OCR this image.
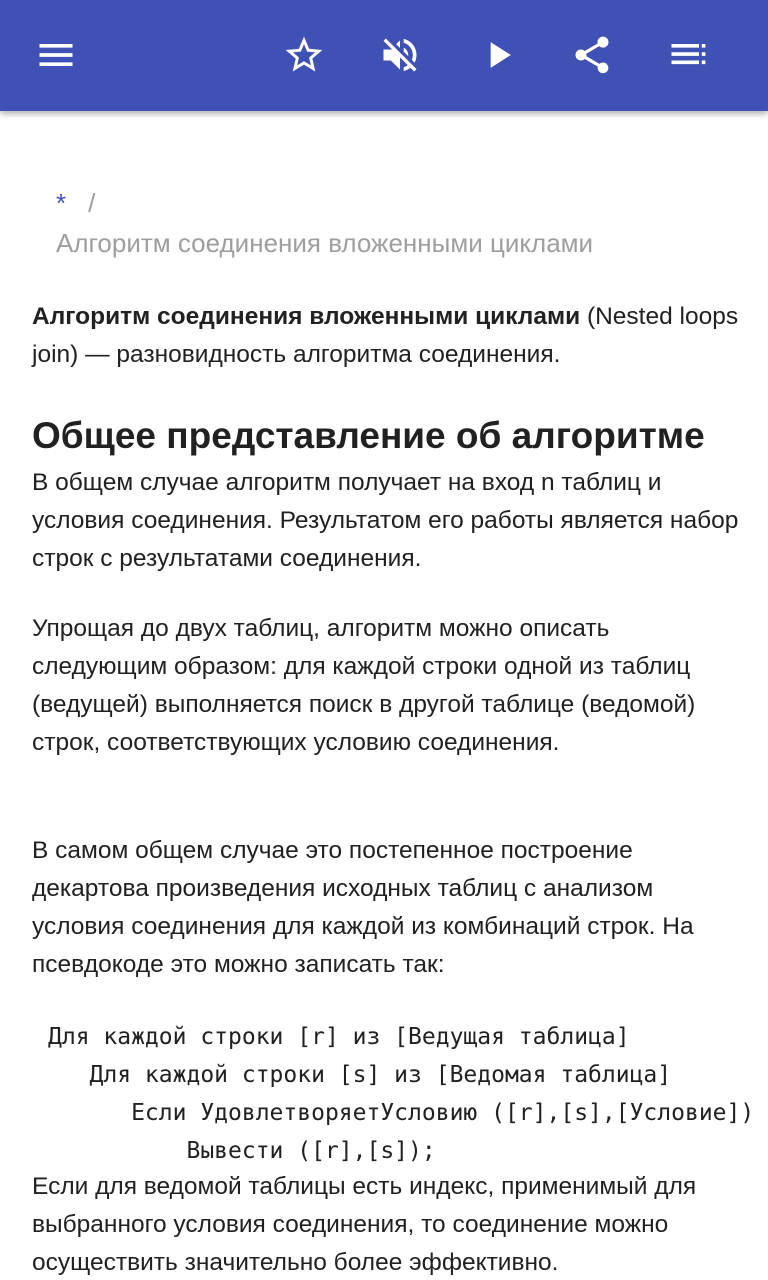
* /
Алгоритм соединения вложенными циклами

Алгоритм соединения вложенными циклами (Nested loops join) — разновидность алгоритма соединения.

Общее представление об алгоритме

В общем случае алгоритм получает на вход n таблиц и условия соединения. Результатом его работы является набор строк с результатами соединения.

Упрощая до двух таблиц, алгоритм можно описать следующим образом: для каждой строки одной из таблиц (ведущей) выполняется поиск в другой таблице (ведомой) строк, соответствующих условию соединения.

В самом общем случае это постепенное построение декартова произведения исходных таблиц с анализом условия соединения для каждой из комбинаций строк. На псевдокоде это можно записать так:

Для каждой строки [r] из [Ведущая таблица]
Для каждой строки [s] из [Ведомая таблица]
Если УдовлетворяетУсловию ([r],[s],[Условие])
Вывести ([r],[s]);

Если для ведомой таблицы есть индекс, применимый для выбранного условия соединения, то соединение можно осуществить значительно более эффективно.
